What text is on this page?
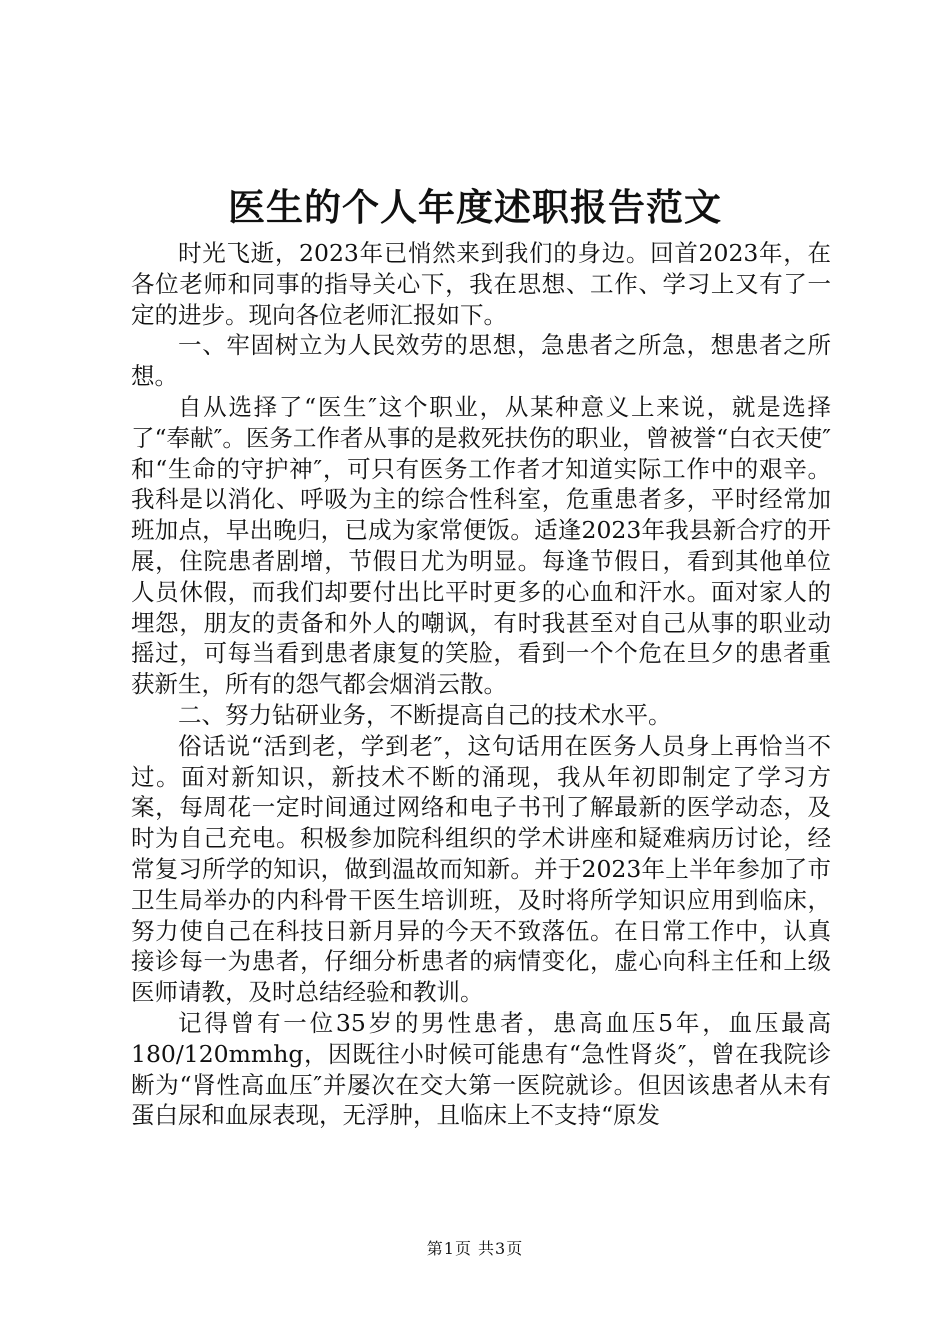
医生的个人年度述职报告范文

时光飞逝，2023年已悄然来到我们的身边。回首2023年，在各位老师和同事的指导关心下，我在思想、工作、学习上又有了一定的进步。现向各位老师汇报如下。

一、牢固树立为人民效劳的思想，急患者之所急，想患者之所想。

自从选择了“医生″这个职业，从某种意义上来说，就是选择了“奉献″。医务工作者从事的是救死扶伤的职业，曾被誉“白衣天使″和“生命的守护神″，可只有医务工作者才知道实际工作中的艰辛。我科是以消化、呼吸为主的综合性科室，危重患者多，平时经常加班加点，早出晚归，已成为家常便饭。适逢2023年我县新合疗的开展，住院患者剧增，节假日尤为明显。每逢节假日，看到其他单位人员休假，而我们却要付出比平时更多的心血和汗水。面对家人的埋怨，朋友的责备和外人的嘲讽，有时我甚至对自己从事的职业动摇过，可每当看到患者康复的笑脸，看到一个个危在旦夕的患者重获新生，所有的怨气都会烟消云散。

二、努力钻研业务，不断提高自己的技术水平。

俗话说“活到老，学到老″，这句话用在医务人员身上再恰当不过。面对新知识，新技术不断的涌现，我从年初即制定了学习方案，每周花一定时间通过网络和电子书刊了解最新的医学动态，及时为自己充电。积极参加院科组织的学术讲座和疑难病历讨论，经常复习所学的知识，做到温故而知新。并于2023年上半年参加了市卫生局举办的内科骨干医生培训班，及时将所学知识应用到临床，努力使自己在科技日新月异的今天不致落伍。在日常工作中，认真接诊每一为患者，仔细分析患者的病情变化，虚心向科主任和上级医师请教，及时总结经验和教训。

记得曾有一位35岁的男性患者，患高血压5年，血压最高180/120mmhg，因既往小时候可能患有“急性肾炎″，曾在我院诊断为“肾性高血压″并屡次在交大第一医院就诊。但因该患者从未有蛋白尿和血尿表现，无浮肿，且临床上不支持“原发

第1页 共3页
